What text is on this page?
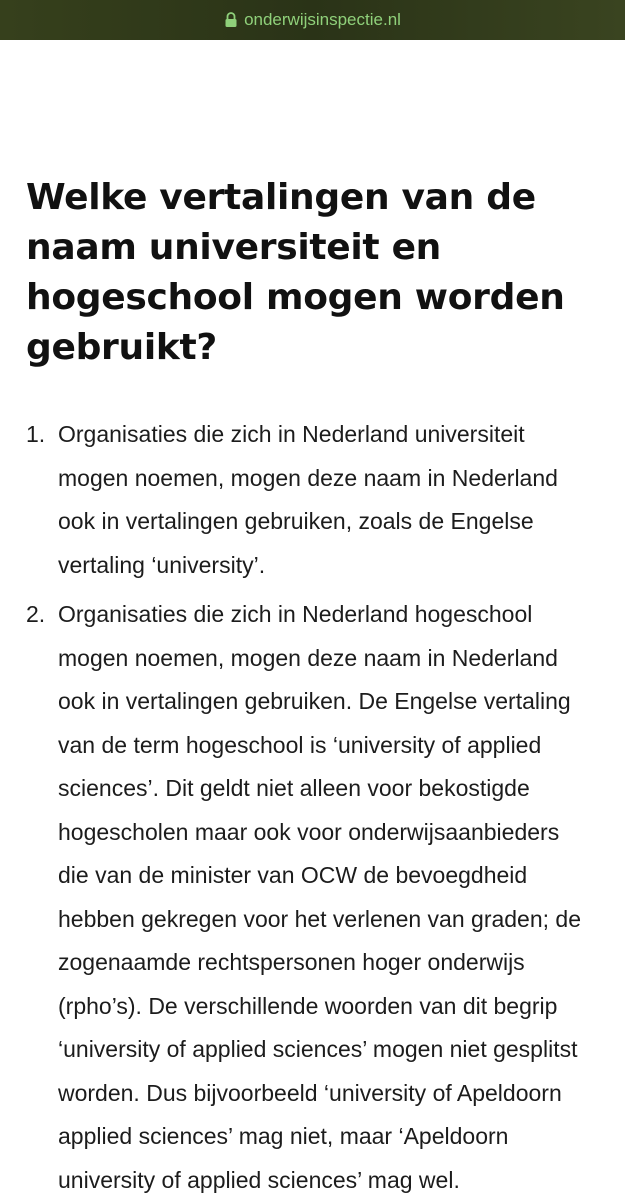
onderwijsinspectie.nl
Welke vertalingen van de naam universiteit en hogeschool mogen worden gebruikt?
1. Organisaties die zich in Nederland universiteit mogen noemen, mogen deze naam in Nederland ook in vertalingen gebruiken, zoals de Engelse vertaling ‘university’.
2. Organisaties die zich in Nederland hogeschool mogen noemen, mogen deze naam in Nederland ook in vertalingen gebruiken. De Engelse vertaling van de term hogeschool is ‘university of applied sciences’. Dit geldt niet alleen voor bekostigde hogescholen maar ook voor onderwijsaanbieders die van de minister van OCW de bevoegdheid hebben gekregen voor het verlenen van graden; de zogenaamde rechtspersonen hoger onderwijs (rpho’s). De verschillende woorden van dit begrip ‘university of applied sciences’ mogen niet gesplitst worden. Dus bijvoorbeeld ‘university of Apeldoorn applied sciences’ mag niet, maar ‘Apeldoorn university of applied sciences’ mag wel.
